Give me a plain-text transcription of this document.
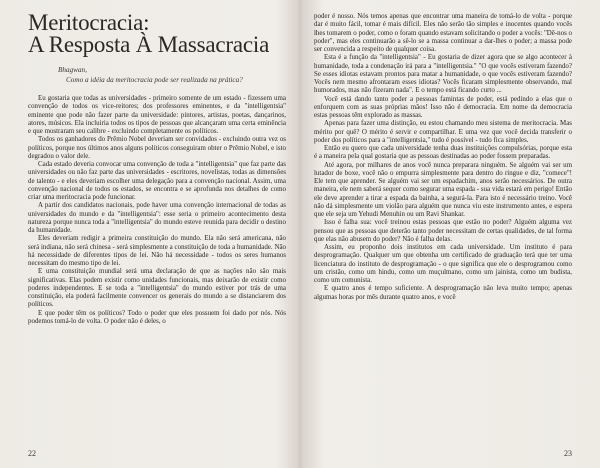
Meritocracia:
A Resposta À Massacracia
Bhagwan,
Como a idéia da meritocracia pode ser realizada na prática?

Eu gostaria que todas as universidades - primeiro somente de um estado - fizessem uma convenção de todos os vice-reitores; dos professores eminentes, e da "intelligentsia" eminente que pode não fazer parte da universidade: pintores, artistas, poetas, dançarinos, atores, músicos. Ela incluiria todos os tipos de pessoas que alcançaram uma certa eminência e que mostraram seu calibre - excluindo completamente os políticos.

Todos os ganhadores do Prêmio Nobel deveriam ser convidados - excluindo outra vez os políticos, porque nos últimos anos alguns políticos conseguiram obter o Prêmio Nobel, e isto degradou o valor dele.

Cada estado deveria convocar uma convenção de toda a "intelligentsia" que faz parte das universidades ou não faz parte das universidades - escritores, novelistas, todas as dimensões de talento - e eles deveriam escolher uma delegação para a convenção nacional. Assim, uma convenção nacional de todos os estados, se encontra e se aprofunda nos detalhes de como criar uma meritocracia pode funcionar.

A partir dos candidatos nacionais, pode haver uma convenção internacional de todas as universidades do mundo e da "intelligentsia": esse seria o primeiro acontecimento desta natureza porque nunca toda a "intelligentsia" do mundo esteve reunida para decidir o destino da humanidade.

Eles deveriam redigir a primeira constituição do mundo. Ela não será americana, não será indiana, não será chinesa - será simplesmente a constituição de toda a humanidade. Não há necessidade de diferentes tipos de lei. Não há necessidade - todos os seres humanos necessitam do mesmo tipo de lei.

E uma constituição mundial será uma declaração de que as nações não são mais significativas. Elas podem existir como unidades funcionais, mas deixarão de existir como poderes independentes. E se toda a "intelligentsia" do mundo estiver por trás de uma constituição, ela poderá facilmente convencer os generais do mundo a se distanciarem dos políticos.

E que poder têm os políticos? Todo o poder que eles possuem foi dado por nós. Nós podemos tomá-lo de volta. O poder não é deles, o

22

poder é nosso. Nós temos apenas que encontrar uma maneira de tomá-lo de volta - porque dar é muito fácil, tomar é mais difícil. Eles não serão tão simples e inocentes quando vocês lhes tomarem o poder, como o foram quando estavam solicitando o poder a vocês: "Dê-nos o poder", mas eles continuarão a sê-lo se a massa continuar a dar-lhes o poder; a massa pode ser convencida a respeito de qualquer coisa.

Esta é a função da "intelligentsia" - Eu gostaria de dizer agora que se algo acontecer à humanidade, toda a condenação irá para a "intelligentsia." "O que vocês estiveram fazendo? Se esses idiotas estavam prontos para matar a humanidade, o que vocês estiveram fazendo? Vocês nem mesmo afrontaram esses idiotas? Vocês ficaram simplesmente observando, mal humorados, mas não fizeram nada". E o tempo está ficando curto ...

Você está dando tanto poder a pessoas famintas de poder, está pedindo a elas que o enforquem com as suas próprias mãos! Isso não é democracia. Em nome da democracia estas pessoas têm explorado as massas.

Apenas para fazer uma distinção, eu estou chamando meu sistema de meritocracia. Mas mérito por quê? O mérito é servir e compartilhar. E uma vez que você decida transferir o poder dos políticos para a "intelligentsia," tudo é possível - tudo fica simples.

Então eu quero que cada universidade tenha duas instituições compulsórias, porque esta é a maneira pela qual gostaria que as pessoas destinadas ao poder fossem preparadas.

Até agora, por milhares de anos você nunca preparara ninguém. Se alguém vai ser um lutador de boxe, você não o empurra simplesmente para dentro do ringue e diz, "comece"! Ele tem que aprender. Se alguém vai ser um espadachim, anos serão necessários. De outra maneira, ele nem saberá sequer como segurar uma espada - sua vida estará em perigo! Então ele deve aprender a tirar a espada da bainha, a segurá-la. Para isto é necessário treino. Você não dá simplesmente um violão para alguém que nunca viu este instrumento antes, e espera que ele seja um Yehudi Menuhin ou um Ravi Shankar.

Isso é falha sua: você treinou estas pessoas que estão no poder? Alguém alguma vez pensou que as pessoas que deterão tanto poder necessitam de certas qualidades, de tal forma que elas não abusem do poder? Não é falha delas.

Assim, eu proponho dois institutos em cada universidade. Um instituto é para desprogramação. Qualquer um que obtenha um certificado de graduação terá que ter uma licenciatura do instituto de desprogramação - o que significa que ele o desprogramou como um cristão, como um hindu, como um muçulmano, como um jainista, como um budista, como um comunista.

E quatro anos é tempo suficiente. A desprogramação não leva muito tempo; apenas algumas horas por mês durante quatro anos, e você

23
